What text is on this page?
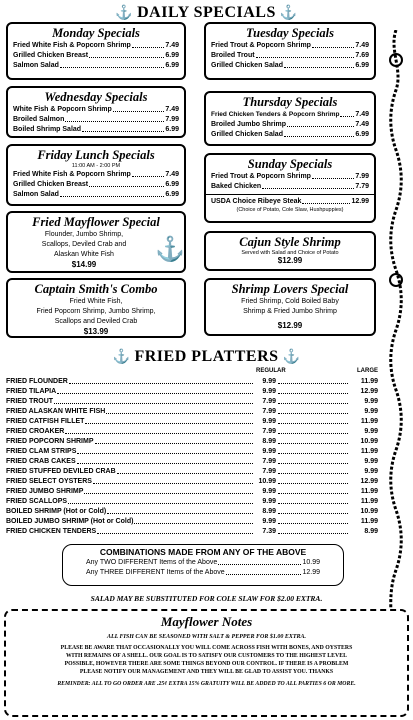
⚓ DAILY SPECIALS ⚓
Monday Specials
Fried White Fish & Popcorn Shrimp	7.49
Grilled Chicken Breast	6.99
Salmon Salad	6.99
Tuesday Specials
Fried Trout & Popcorn Shrimp	7.49
Broiled Trout	7.69
Grilled Chicken Salad	6.99
Wednesday Specials
White Fish & Popcorn Shrimp	7.49
Broiled Salmon	7.99
Boiled Shrimp Salad	6.99
Thursday Specials
Fried Chicken Tenders & Popcorn Shrimp 7.49
Broiled Jumbo Shrimp	7.49
Grilled Chicken Salad	6.99
Friday Lunch Specials
11:00 AM - 2:00 PM
Fried White Fish & Popcorn Shrimp	7.49
Grilled Chicken Breast	6.99
Salmon Salad	6.99
Sunday Specials
Fried Trout & Popcorn Shrimp	7.99
Baked Chicken	7.79
USDA Choice Ribeye Steak	12.99
(Choice of Potato, Cole Slaw, Hushpuppies)
Fried Mayflower Special
Flounder, Jumbo Shrimp,
Scallops, Deviled Crab and
Alaskan White Fish
$14.99
⚓	Cajun Style Shrimp
Served with Salad and Choice of Potato
$12.99
Captain Smith's Combo
Fried White Fish,
Fried Popcorn Shrimp, Jumbo Shrimp,
Scallops and Deviled Crab
$13.99
Shrimp Lovers Special
Fried Shrimp, Cold Boiled Baby
Shrimp & Fried Jumbo Shrimp
$12.99
⚓ FRIED PLATTERS ⚓
REGULAR	LARGE
FRIED FLOUNDER	9.99	11.99
FRIED TILAPIA	9.99	12.99
FRIED TROUT	7.99	9.99
FRIED ALASKAN WHITE FISH	7.99	9.99
FRIED CATFISH FILLET	9.99	11.99
FRIED CROAKER	7.99	9.99
FRIED POPCORN SHRIMP	8.99	10.99
FRIED CLAM STRIPS	9.99	11.99
FRIED CRAB CAKES	7.99	9.99
FRIED STUFFED DEVILED CRAB	7.99	9.99
FRIED SELECT OYSTERS	10.99	12.99
FRIED JUMBO SHRIMP	9.99	11.99
FRIED SCALLOPS	9.99	11.99
BOILED SHRIMP (Hot or Cold)	8.99	10.99
BOILED JUMBO SHRIMP (Hot or Cold)	9.99	11.99
FRIED CHICKEN TENDERS	7.39	8.99
COMBINATIONS MADE FROM ANY OF THE ABOVE
Any TWO DIFFERENT Items of the Above	10.99
Any THREE DIFFERENT Items of the Above	12.99
SALAD MAY BE SUBSTITUTED FOR COLE SLAW FOR $2.00 EXTRA.
Mayflower Notes

ALL FISH CAN BE SEASONED WITH SALT & PEPPER FOR $1.00 EXTRA.

PLEASE BE AWARE THAT OCCASIONALLY YOU WILL COME ACROSS FISH WITH BONES, AND OYSTERS

WITH REMAINS OF A SHELL. OUR GOAL IS TO SATISFY OUR CUSTOMERS TO THE HIGHEST LEVEL

POSSIBLE, HOWEVER THERE ARE SOME THINGS BEYOND OUR CONTROL. IF THERE IS A PROBLEM

PLEASE NOTIFY OUR MANAGEMENT AND THEY WILL BE GLAD TO ASSIST YOU. THANKS

REMINDER: ALL TO GO ORDER ARE .25¢ EXTRA 15% GRATUITY WILL BE ADDED TO ALL PARTIES 6 OR MORE.
